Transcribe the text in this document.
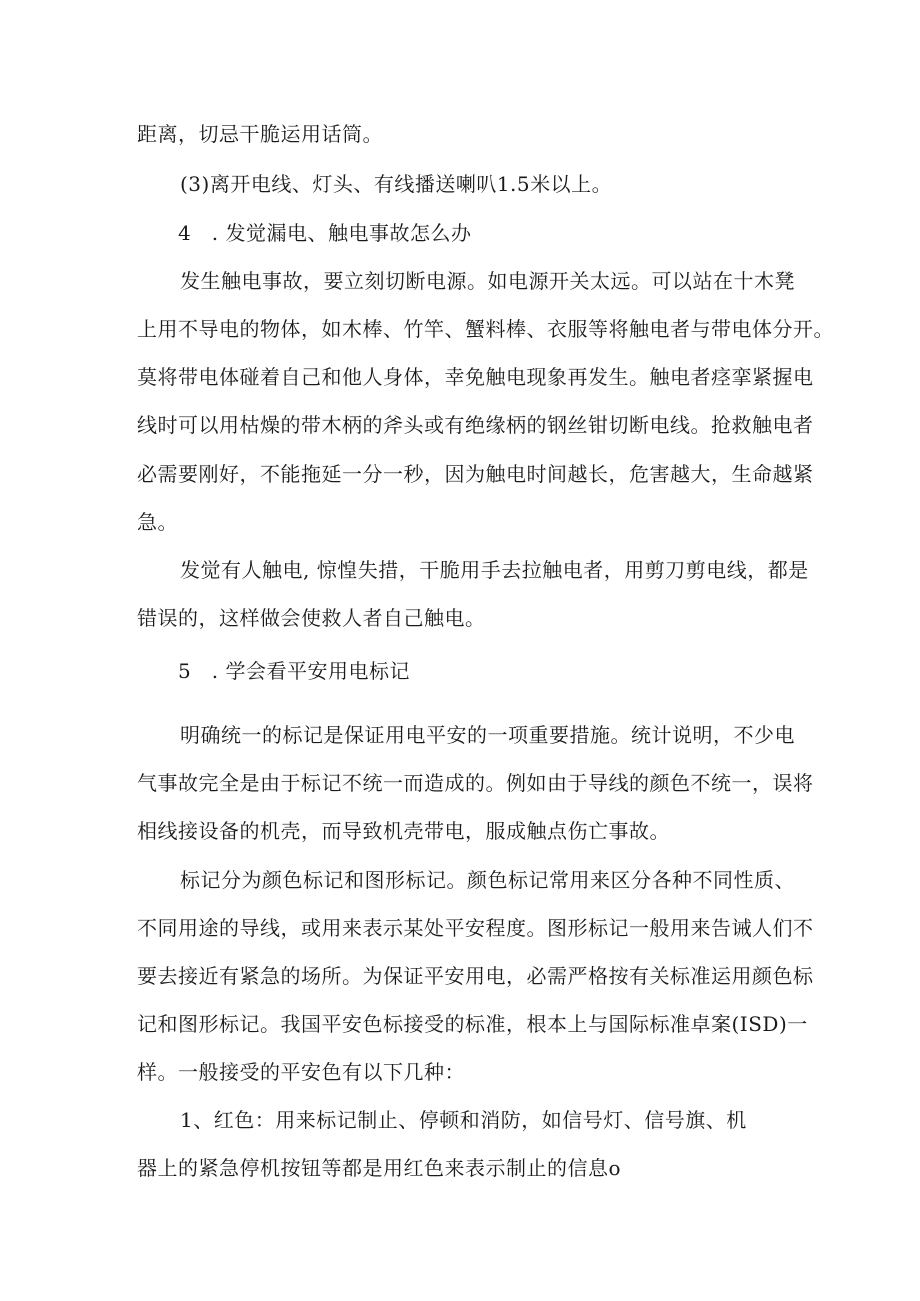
距离，切忌干脆运用话筒。
(3)离开电线、灯头、有线播送喇叭1.5米以上。
4　. 发觉漏电、触电事故怎么办
发生触电事故，要立刻切断电源。如电源开关太远。可以站在十木凳
上用不导电的物体，如木棒、竹竿、蟹料棒、衣服等将触电者与带电体分开。
莫将带电体碰着自己和他人身体，幸免触电现象再发生。触电者痉挛紧握电
线时可以用枯燥的带木柄的斧头或有绝缘柄的钢丝钳切断电线。抢救触电者
必需要刚好，不能拖延一分一秒，因为触电时间越长，危害越大，生命越紧
急。
发觉有人触电, 惊惶失措，干脆用手去拉触电者，用剪刀剪电线，都是
错误的，这样做会使救人者自己触电。
5　. 学会看平安用电标记
明确统一的标记是保证用电平安的一项重要措施。统计说明，不少电
气事故完全是由于标记不统一而造成的。例如由于导线的颜色不统一，误将
相线接设备的机壳，而导致机壳带电，服成触点伤亡事故。
标记分为颜色标记和图形标记。颜色标记常用来区分各种不同性质、
不同用途的导线，或用来表示某处平安程度。图形标记一般用来告诫人们不
要去接近有紧急的场所。为保证平安用电，必需严格按有关标准运用颜色标
记和图形标记。我国平安色标接受的标准，根本上与国际标准卓案(ISD)一
样。一般接受的平安色有以下几种：
1、红色：用来标记制止、停顿和消防，如信号灯、信号旗、机
器上的紧急停机按钮等都是用红色来表示制止的信息o
